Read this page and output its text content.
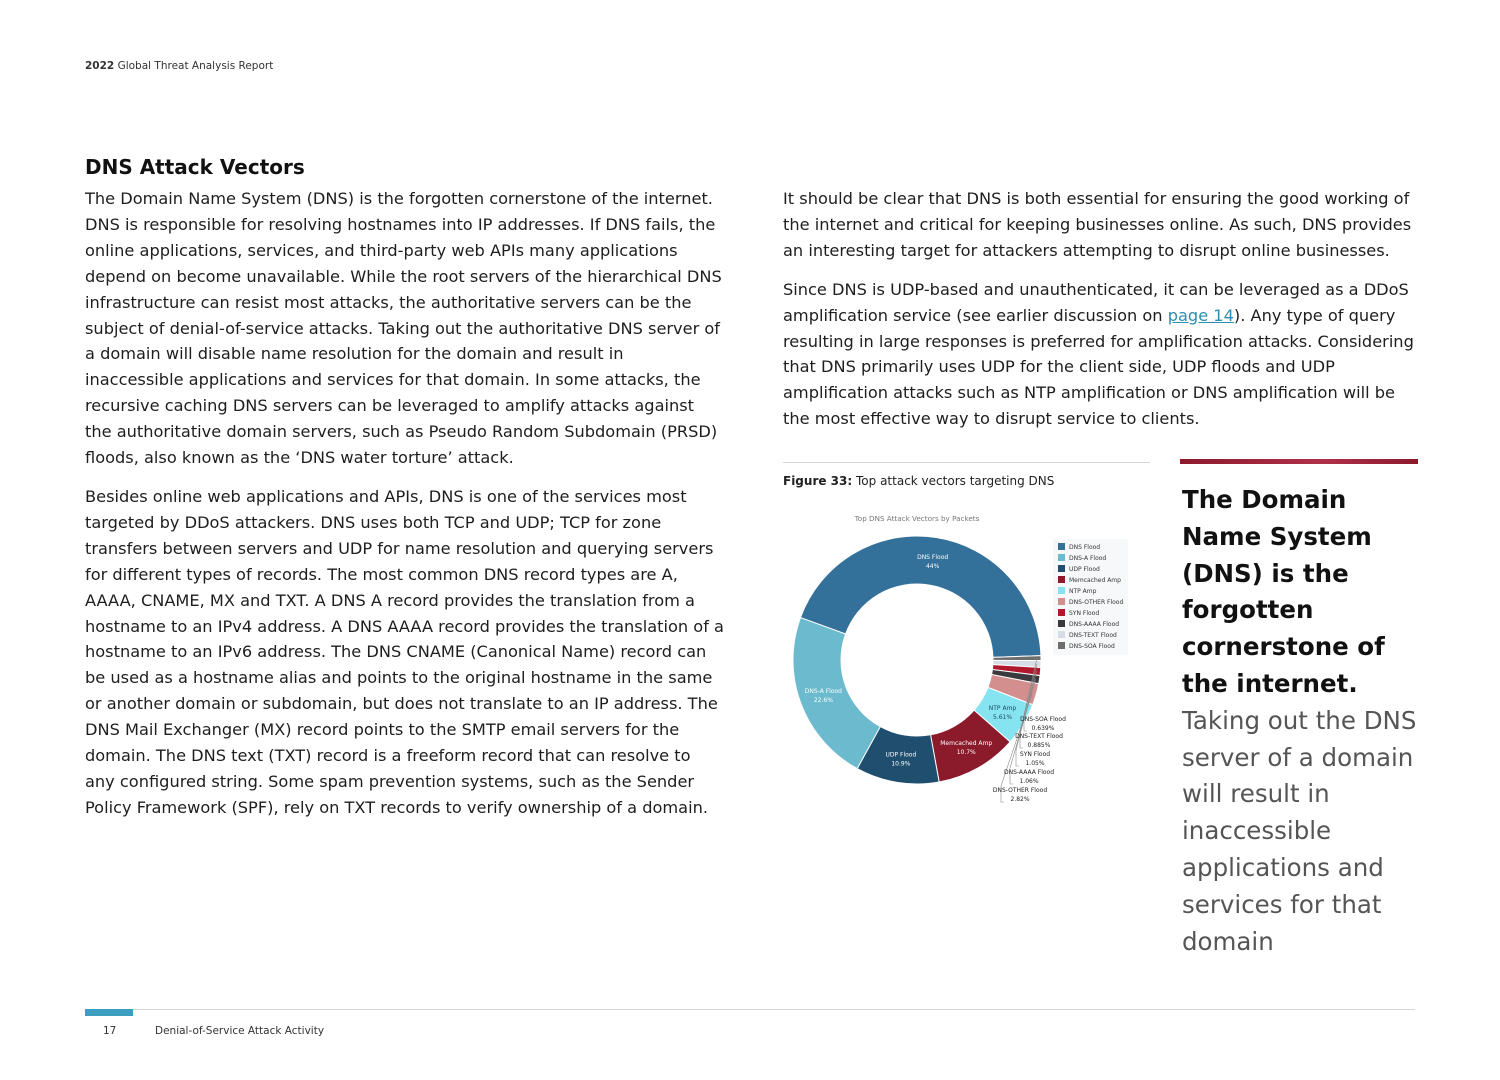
2022 Global Threat Analysis Report
DNS Attack Vectors

The Domain Name System (DNS) is the forgotten cornerstone of the internet. DNS is responsible for resolving hostnames into IP addresses. If DNS fails, the online applications, services, and third-party web APIs many applications depend on become unavailable. While the root servers of the hierarchical DNS infrastructure can resist most attacks, the authoritative servers can be the subject of denial-of-service attacks. Taking out the authoritative DNS server of a domain will disable name resolution for the domain and result in inaccessible applications and services for that domain. In some attacks, the recursive caching DNS servers can be leveraged to amplify attacks against the authoritative domain servers, such as Pseudo Random Subdomain (PRSD) floods, also known as the ‘DNS water torture’ attack.

Besides online web applications and APIs, DNS is one of the services most targeted by DDoS attackers. DNS uses both TCP and UDP; TCP for zone transfers between servers and UDP for name resolution and querying servers for different types of records. The most common DNS record types are A, AAAA, CNAME, MX and TXT. A DNS A record provides the translation from a hostname to an IPv4 address. A DNS AAAA record provides the translation of a hostname to an IPv6 address. The DNS CNAME (Canonical Name) record can be used as a hostname alias and points to the original hostname in the same or another domain or subdomain, but does not translate to an IP address. The DNS Mail Exchanger (MX) record points to the SMTP email servers for the domain. The DNS text (TXT) record is a freeform record that can resolve to any configured string. Some spam prevention systems, such as the Sender Policy Framework (SPF), rely on TXT records to verify ownership of a domain.

It should be clear that DNS is both essential for ensuring the good working of the internet and critical for keeping businesses online. As such, DNS provides an interesting target for attackers attempting to disrupt online businesses.

Since DNS is UDP-based and unauthenticated, it can be leveraged as a DDoS amplification service (see earlier discussion on page 14). Any type of query resulting in large responses is preferred for amplification attacks. Considering that DNS primarily uses UDP for the client side, UDP floods and UDP amplification attacks such as NTP amplification or DNS amplification will be the most effective way to disrupt service to clients.

Figure 33: Top attack vectors targeting DNS
Top DNS Attack Vectors by Packets
DNS Flood
44%
NTP Amp
5.61%
Memcached Amp
10.7%
UDP Flood
10.9%
DNS-A Flood
22.6%
DNS-SOA Flood
0.639%
DNS-TEXT Flood
0.885%
SYN Flood
1.05%
DNS-AAAA Flood
1.06%
DNS-OTHER Flood
2.82%
DNS Flood
DNS-A Flood
UDP Flood
Memcached Amp
NTP Amp
DNS-OTHER Flood
SYN Flood
DNS-AAAA Flood
DNS-TEXT Flood
DNS-SOA Flood
The Domain Name System (DNS) is the forgotten cornerstone of the internet. Taking out the DNS server of a domain will result in inaccessible applications and services for that domain
17	Denial-of-Service Attack Activity
